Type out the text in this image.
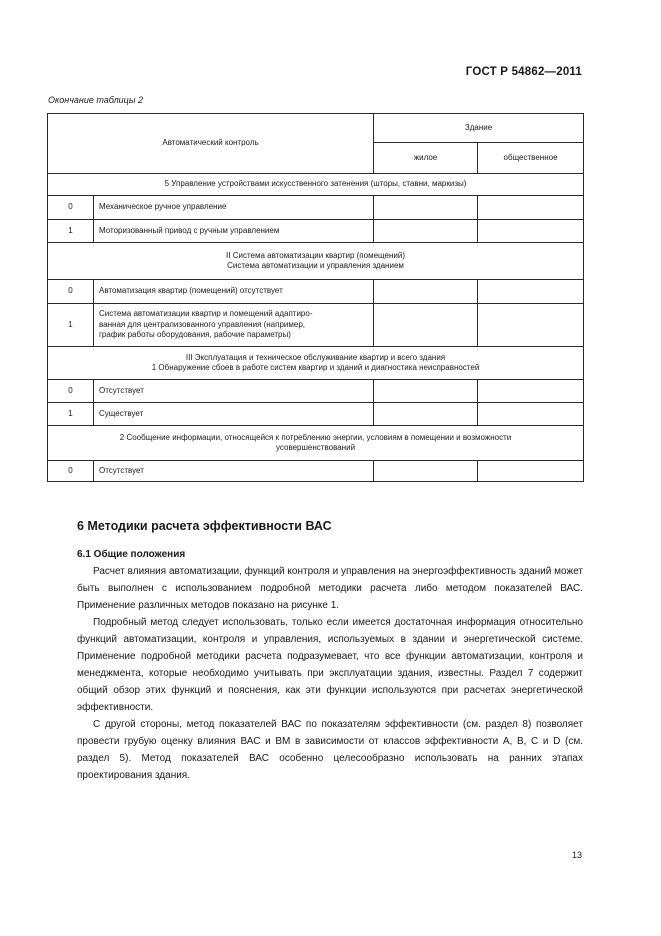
ГОСТ Р 54862—2011
Окончание таблицы 2
Автоматический контроль		Здание	
		жилое	общественное
5 Управление устройствами искусственного затенения (шторы, ставни, маркизы)			
0	Механическое ручное управление		
1	Моторизованный привод с ручным управлением		

II Система автоматизации квартир (помещений)
Система автоматизации и управления зданием			

0	Автоматизация квартир (помещений) отсутствует		
1	Система автоматизации квартир и помещений адаптиро-
ванная для централизованного управления (например,
график работы оборудования, рабочие параметры)		

III Эксплуатация и техническое обслуживание квартир и всего здания
1 Обнаружение сбоев в работе систем квартир и зданий и диагностика неисправностей			

0	Отсутствует		
1	Существует		

2 Сообщение информации, относящейся к потреблению энергии, условиям в помещении и возможности
усовершенствований			

0	Отсутствует		
6 Методики расчета эффективности ВАС
6.1 Общие положения

Расчет влияния автоматизации, функций контроля и управления на энергоэффективность зданий может быть выполнен с использованием подробной методики расчета либо методом показателей ВАС. Применение различных методов показано на рисунке 1.

Подробный метод следует использовать, только если имеется достаточная информация относительно функций автоматизации, контроля и управления, используемых в здании и энергетической системе. Применение подробной методики расчета подразумевает, что все функции автоматизации, контроля и менеджмента, которые необходимо учитывать при эксплуатации здания, известны. Раздел 7 содержит общий обзор этих функций и пояснения, как эти функции используются при расчетах энергетической эффективности.

С другой стороны, метод показателей ВАС по показателям эффективности (см. раздел 8) позволяет провести грубую оценку влияния ВАС и ВМ в зависимости от классов эффективности А, В, С и D (см. раздел 5). Метод показателей ВАС особенно целесообразно использовать на ранних этапах проектирования здания.

13
